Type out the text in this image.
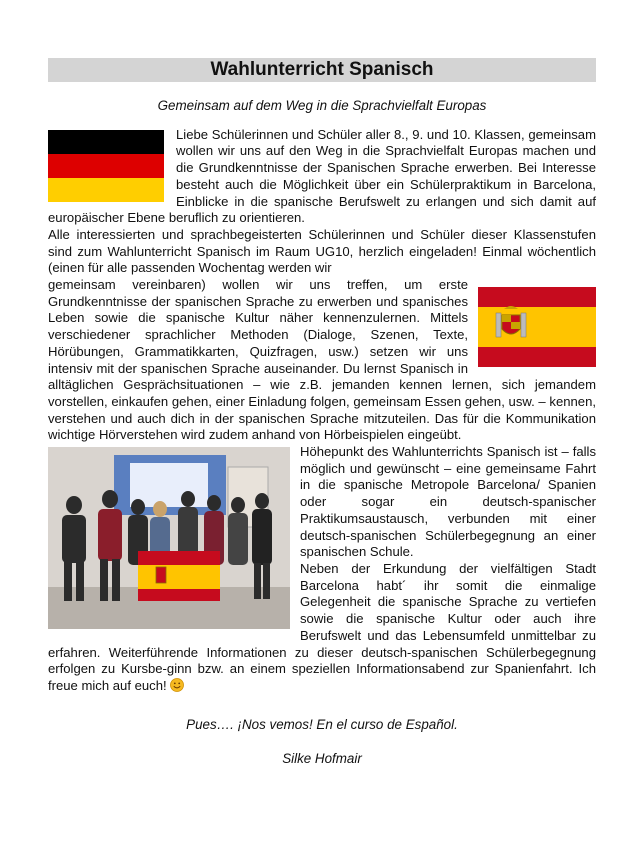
Wahlunterricht Spanisch
Gemeinsam auf dem Weg in die Sprachvielfalt Europas

Liebe Schülerinnen und Schüler aller 8., 9. und 10. Klassen, gemeinsam wollen wir uns auf den Weg in die Sprachvielfalt Europas machen und die Grundkenntnisse der Spanischen Sprache erwerben. Bei Interesse besteht auch die Möglichkeit über ein Schülerpraktikum in Barcelona, Einblicke in die spanische Berufswelt zu erlangen und sich damit auf europäischer Ebene beruflich zu orientieren.

Alle interessierten und sprachbegeisterten Schülerinnen und Schüler dieser Klassenstufen sind zum Wahlunterricht Spanisch im Raum UG10, herzlich eingeladen! Einmal wöchentlich (einen für alle passenden Wochentag werden wir

gemeinsam vereinbaren) wollen wir uns treffen, um erste Grundkenntnisse der spanischen Sprache zu erwerben und spanisches Leben sowie die spanische Kultur näher kennenzulernen. Mittels verschiedener sprachlicher Methoden (Dialoge, Szenen, Texte, Hörübungen, Grammatikkarten, Quizfragen, usw.) setzen wir uns intensiv mit der spanischen Sprache auseinander. Du lernst Spanisch in alltäglichen Gesprächsituationen – wie z.B. jemanden kennen lernen, sich jemandem vorstellen, einkaufen gehen, einer Einladung folgen, gemeinsam Essen gehen, usw. – kennen, verstehen und auch dich in der spanischen Sprache mitzuteilen. Das für die Kommunikation wichtige Hörverstehen wird zudem anhand von Hörbeispielen eingeübt.

Höhepunkt des Wahlunterrichts Spanisch ist – falls möglich und gewünscht – eine gemeinsame Fahrt in die spanische Metropole Barcelona/ Spanien oder sogar ein deutsch-spanischer Praktikumsaustausch, verbunden mit einer deutsch-spanischen Schülerbegegnung an einer spanischen Schule.

Neben der Erkundung der vielfältigen Stadt Barcelona habt´ ihr somit die einmalige Gelegenheit die spanische Sprache zu vertiefen sowie die spanische Kultur oder auch ihre Berufswelt und das Lebensumfeld unmittelbar zu erfahren. Weiterführende Informationen zu dieser deutsch-spanischen Schülerbegegnung erfolgen zu Kursbe-ginn bzw. an einem speziellen Informationsabend zur Spanienfahrt. Ich freue mich auf euch!

Pues…. ¡Nos vemos! En el curso de Español.
Silke Hofmair
